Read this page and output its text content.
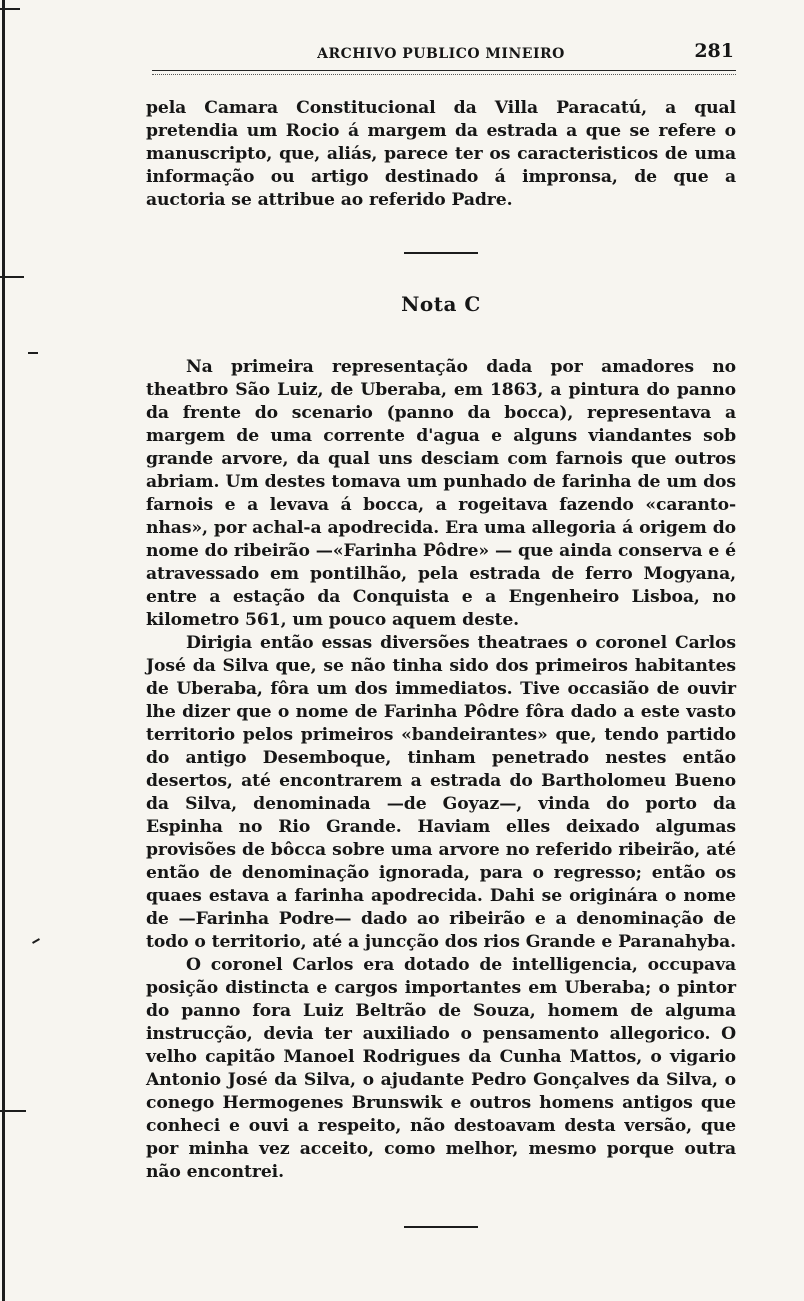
ARCHIVO PUBLICO MINEIRO	281

pela Camara Constitucional da Villa Paracatú, a qual pretendia um Rocio á margem da estrada a que se refere o manuscripto, que, aliás, parece ter os caracteristicos de uma informação ou artigo destinado á impronsa, de que a auctoria se attribue ao referido Padre.

Nota C

Na primeira representação dada por amadores no theatbro São Luiz, de Uberaba, em 1863, a pintura do panno da frente do scenario (panno da bocca), representava a margem de uma corrente d'agua e alguns viandantes sob grande arvore, da qual uns desciam com farnois que outros abriam. Um destes tomava um punhado de farinha de um dos farnois e a levava á bocca, a rogeitava fazendo «caranto-nhas», por achal-a apodrecida. Era uma allegoria á origem do nome do ribeirão —«Farinha Pôdre» — que ainda conserva e é atravessado em pontilhão, pela estrada de ferro Mogyana, entre a estação da Conquista e a Engenheiro Lisboa, no kilometro 561, um pouco aquem deste.

Dirigia então essas diversões theatraes o coronel Carlos José da Silva que, se não tinha sido dos primeiros habitantes de Uberaba, fôra um dos immediatos. Tive occasião de ouvir lhe dizer que o nome de Farinha Pôdre fôra dado a este vasto territorio pelos primeiros «bandeirantes» que, tendo partido do antigo Desemboque, tinham penetrado nestes então desertos, até encontrarem a estrada do Bartholomeu Bueno da Silva, denominada —de Goyaz—, vinda do porto da Espinha no Rio Grande. Haviam elles deixado algumas provisões de bôcca sobre uma arvore no referido ribeirão, até então de denominação ignorada, para o regresso; então os quaes estava a farinha apodrecida. Dahi se originára o nome de —Farinha Podre— dado ao ribeirão e a denominação de todo o territorio, até a juncção dos rios Grande e Paranahyba.

O coronel Carlos era dotado de intelligencia, occupava posição distincta e cargos importantes em Uberaba; o pintor do panno fora Luiz Beltrão de Souza, homem de alguma instrucção, devia ter auxiliado o pensamento allegorico. O velho capitão Manoel Rodrigues da Cunha Mattos, o vigario Antonio José da Silva, o ajudante Pedro Gonçalves da Silva, o conego Hermogenes Brunswik e outros homens antigos que conheci e ouvi a respeito, não destoavam desta versão, que por minha vez acceito, como melhor, mesmo porque outra não encontrei.
